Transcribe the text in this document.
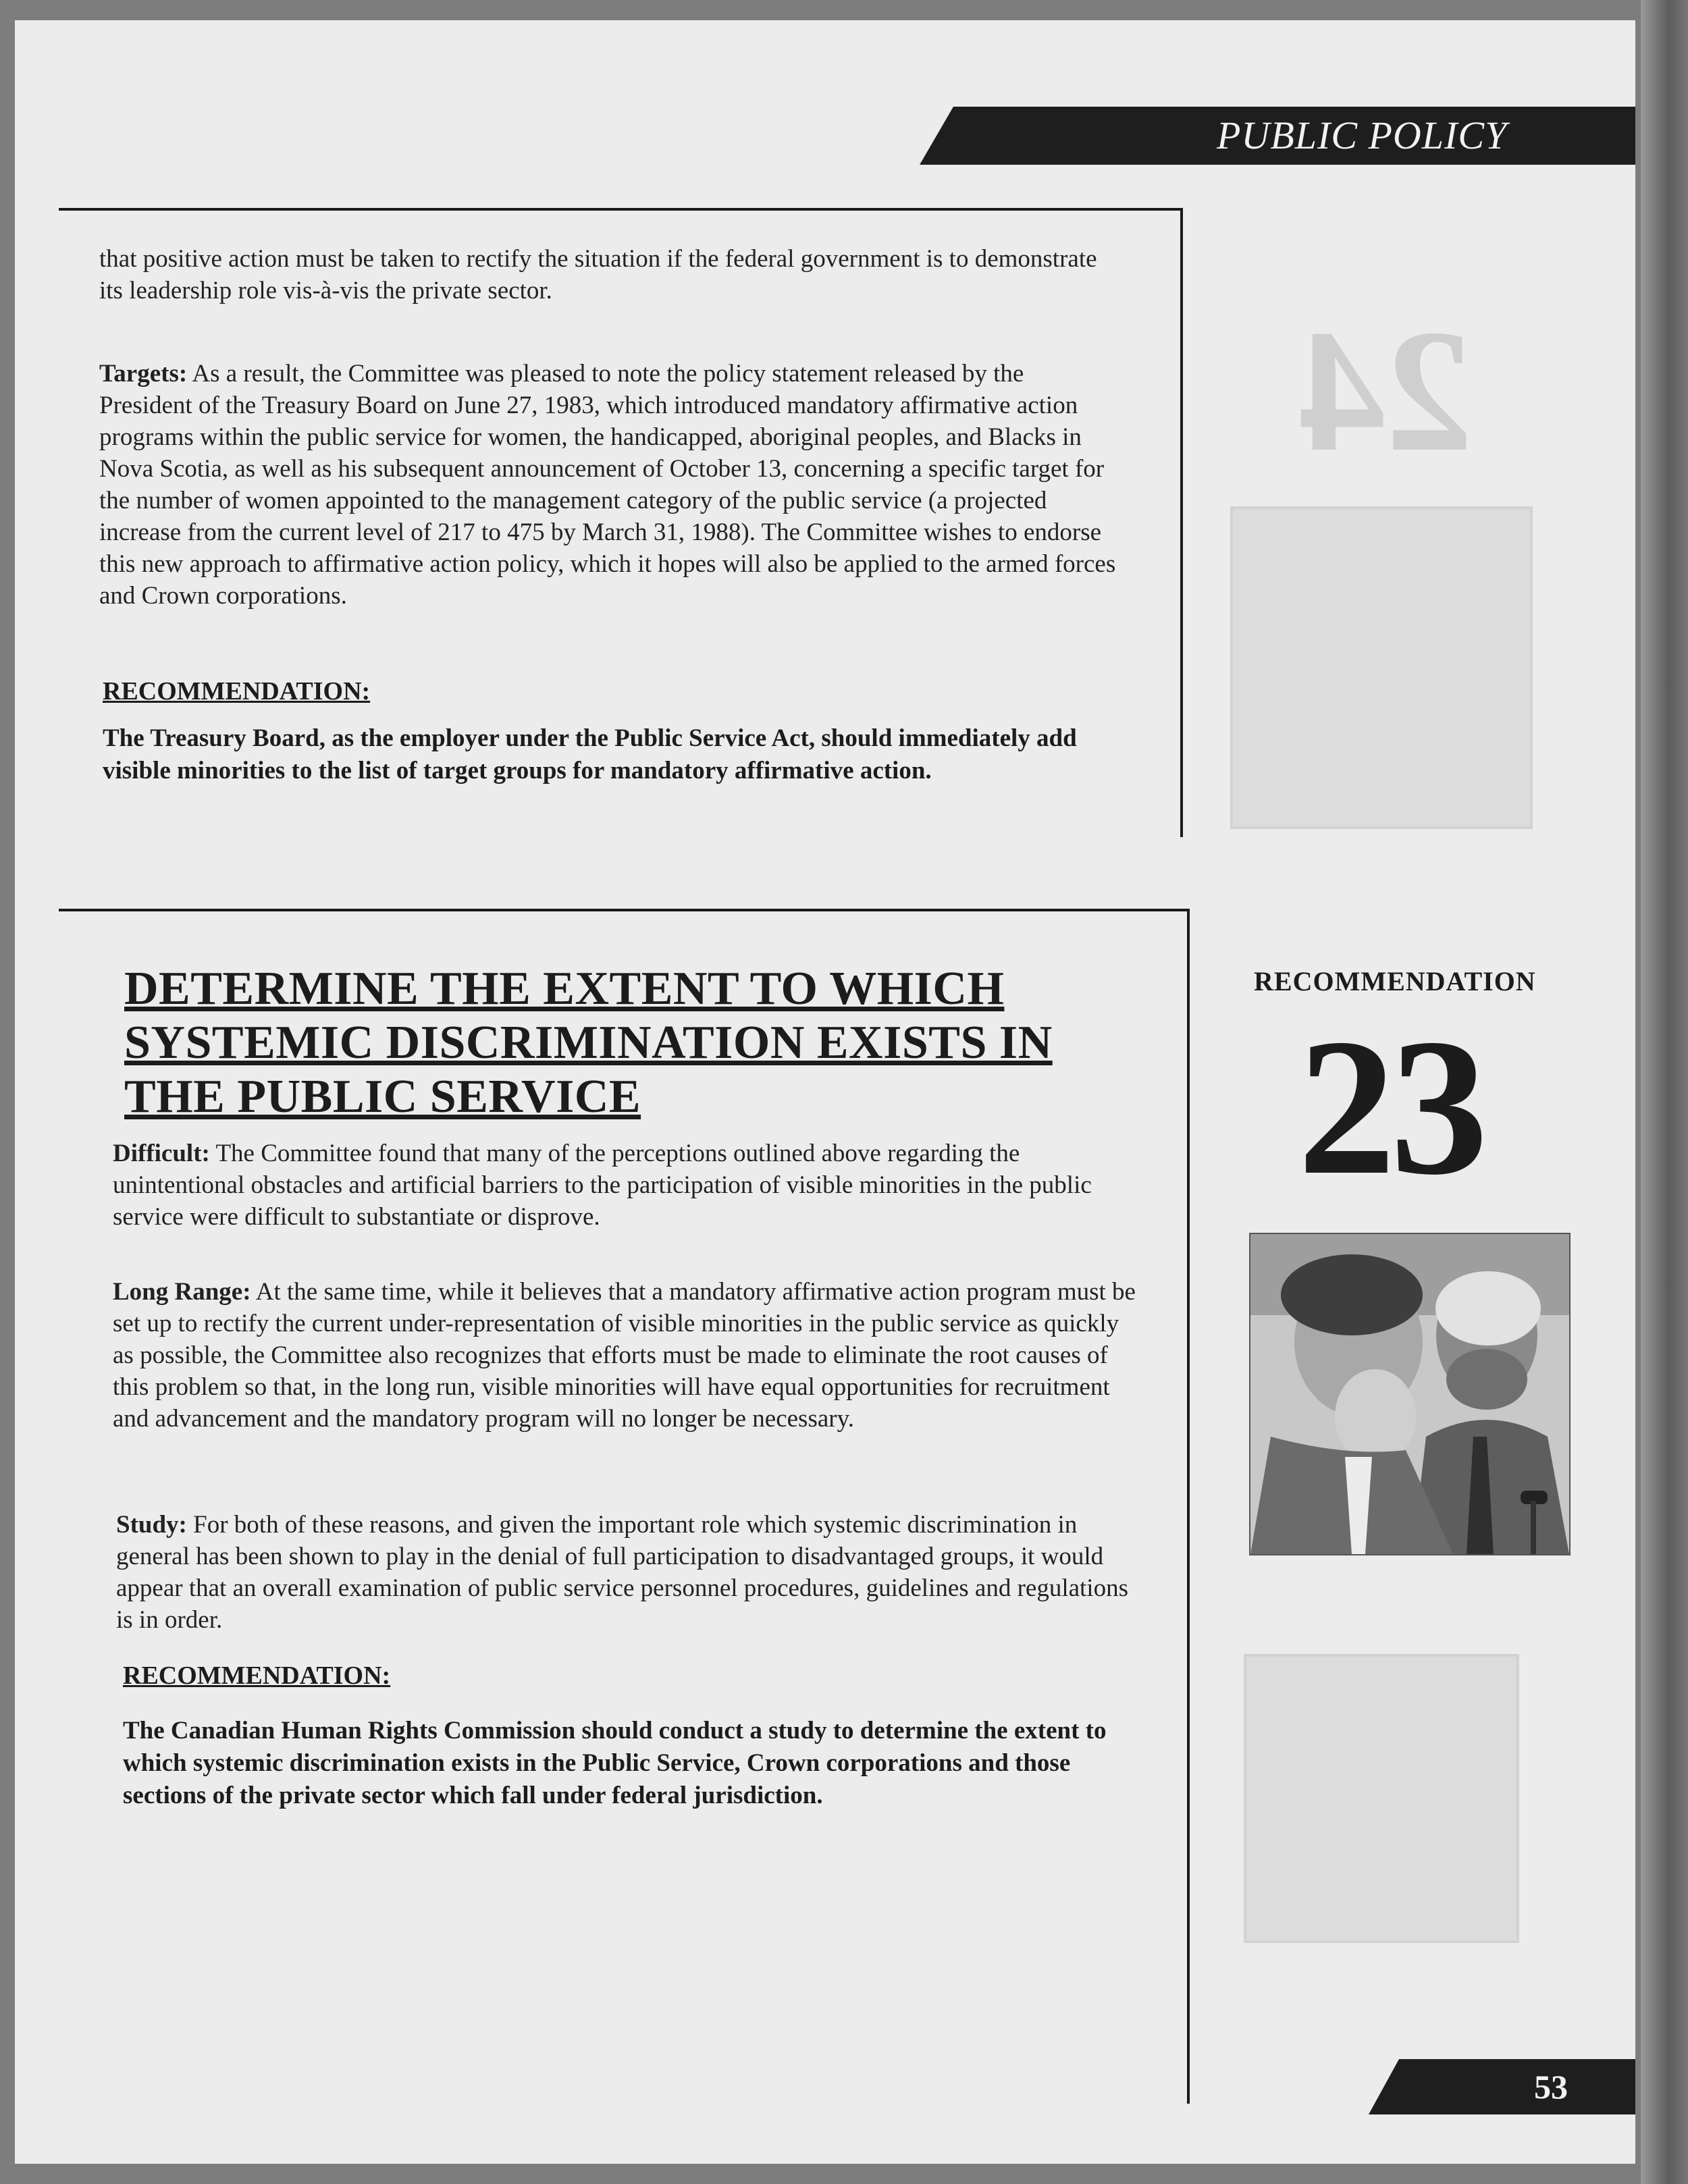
24
PUBLIC POLICY

that positive action must be taken to rectify the situation if the federal government is to demonstrate its leadership role vis-à-vis the private sector.

Targets: As a result, the Committee was pleased to note the policy statement released by the President of the Treasury Board on June 27, 1983, which introduced mandatory affirmative action programs within the public service for women, the handicapped, aboriginal peoples, and Blacks in Nova Scotia, as well as his subsequent announcement of October 13, concerning a specific target for the number of women appointed to the management category of the public service (a projected increase from the current level of 217 to 475 by March 31, 1988). The Committee wishes to endorse this new approach to affirmative action policy, which it hopes will also be applied to the armed forces and Crown corporations.

RECOMMENDATION:

The Treasury Board, as the employer under the Public Service Act, should immediately add visible minorities to the list of target groups for mandatory affirmative action.

DETERMINE THE EXTENT TO WHICH SYSTEMIC DISCRIMINATION EXISTS IN THE PUBLIC SERVICE

Difficult: The Committee found that many of the perceptions outlined above regarding the unintentional obstacles and artificial barriers to the participation of visible minorities in the public service were difficult to substantiate or disprove.

Long Range: At the same time, while it believes that a mandatory affirmative action program must be set up to rectify the current under-representation of visible minorities in the public service as quickly as possible, the Committee also recognizes that efforts must be made to eliminate the root causes of this problem so that, in the long run, visible minorities will have equal opportunities for recruitment and advancement and the mandatory program will no longer be necessary.

Study: For both of these reasons, and given the important role which systemic discrimination in general has been shown to play in the denial of full participation to disadvantaged groups, it would appear that an overall examination of public service personnel procedures, guidelines and regulations is in order.

RECOMMENDATION:

The Canadian Human Rights Commission should conduct a study to determine the extent to which systemic discrimination exists in the Public Service, Crown corporations and those sections of the private sector which fall under federal jurisdiction.

RECOMMENDATION
23
53
